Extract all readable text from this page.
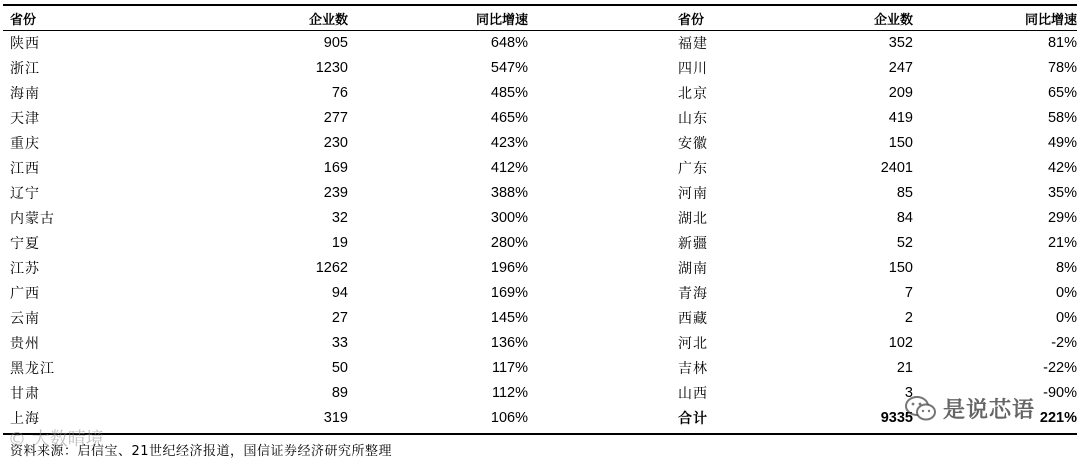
省份	企业数	同比增速	省份	企业数	同比增速
陕西	905	648%	福建	352	81%
浙江	1230	547%	四川	247	78%
海南	76	485%	北京	209	65%
天津	277	465%	山东	419	58%
重庆	230	423%	安徽	150	49%
江西	169	412%	广东	2401	42%
辽宁	239	388%	河南	85	35%
内蒙古	32	300%	湖北	84	29%
宁夏	19	280%	新疆	52	21%
江苏	1262	196%	湖南	150	8%
广西	94	169%	青海	7	0%
云南	27	145%	西藏	2	0%
贵州	33	136%	河北	102	-2%
黑龙江	50	117%	吉林	21	-22%
甘肃	89	112%	山西	3	-90%
上海	319	106%	合计	9335	221%
资料来源：启信宝、21世纪经济报道，国信证券经济研究所整理
© 大数晴境
是说芯语
